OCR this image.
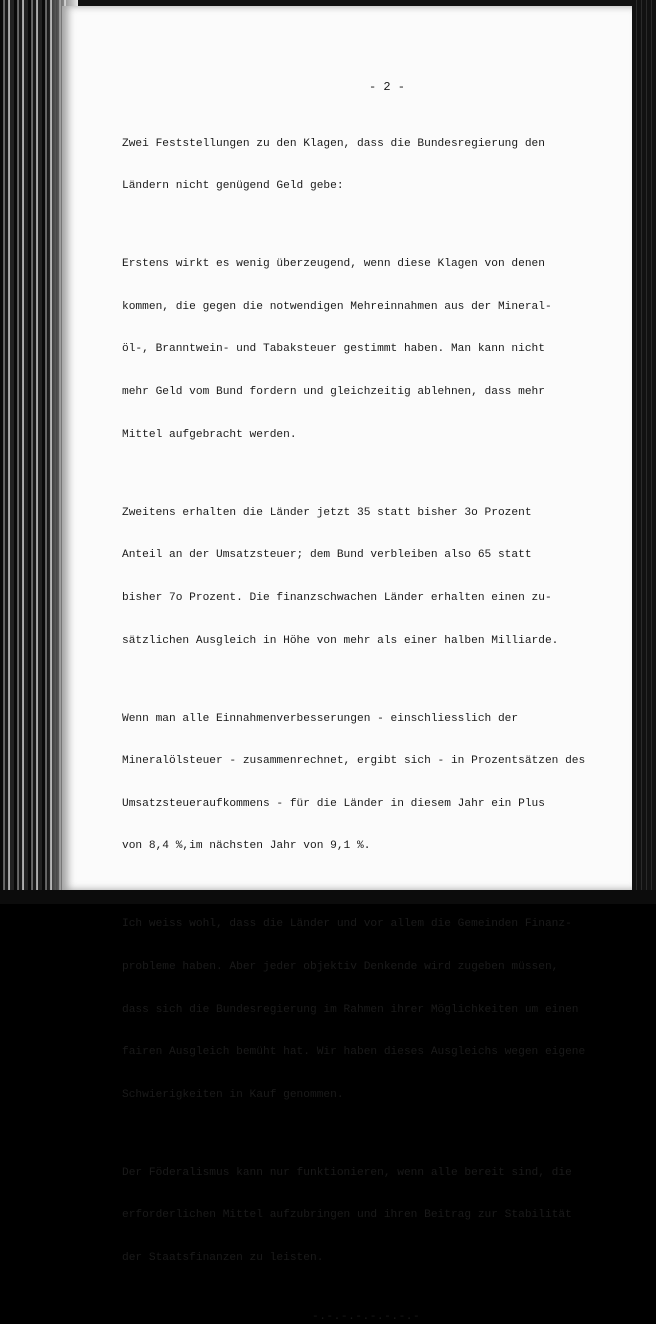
- 2 -

Zwei Feststellungen zu den Klagen, dass die Bundesregierung den

Ländern nicht genügend Geld gebe:

Erstens wirkt es wenig überzeugend, wenn diese Klagen von denen

kommen, die gegen die notwendigen Mehreinnahmen aus der Mineral-

öl-, Branntwein- und Tabaksteuer gestimmt haben. Man kann nicht

mehr Geld vom Bund fordern und gleichzeitig ablehnen, dass mehr

Mittel aufgebracht werden.

Zweitens erhalten die Länder jetzt 35 statt bisher 3o Prozent

Anteil an der Umsatzsteuer; dem Bund verbleiben also 65 statt

bisher 7o Prozent. Die finanzschwachen Länder erhalten einen zu-

sätzlichen Ausgleich in Höhe von mehr als einer halben Milliarde.

Wenn man alle Einnahmenverbesserungen - einschliesslich der

Mineralölsteuer - zusammenrechnet, ergibt sich - in Prozentsätzen des

Umsatzsteueraufkommens - für die Länder in diesem Jahr ein Plus

von 8,4 %,im nächsten Jahr von 9,1 %.

Ich weiss wohl, dass die Länder und vor allem die Gemeinden Finanz-

probleme haben. Aber jeder objektiv Denkende wird zugeben müssen,

dass sich die Bundesregierung im Rahmen ihrer Möglichkeiten um einen

fairen Ausgleich bemüht hat. Wir haben dieses Ausgleichs wegen eigene

Schwierigkeiten in Kauf genommen.

Der Föderalismus kann nur funktionieren, wenn alle bereit sind, die

erforderlichen Mittel aufzubringen und ihren Beitrag zur Stabilität

der Staatsfinanzen zu leisten.

-.-.-.-.-.-.-.-
